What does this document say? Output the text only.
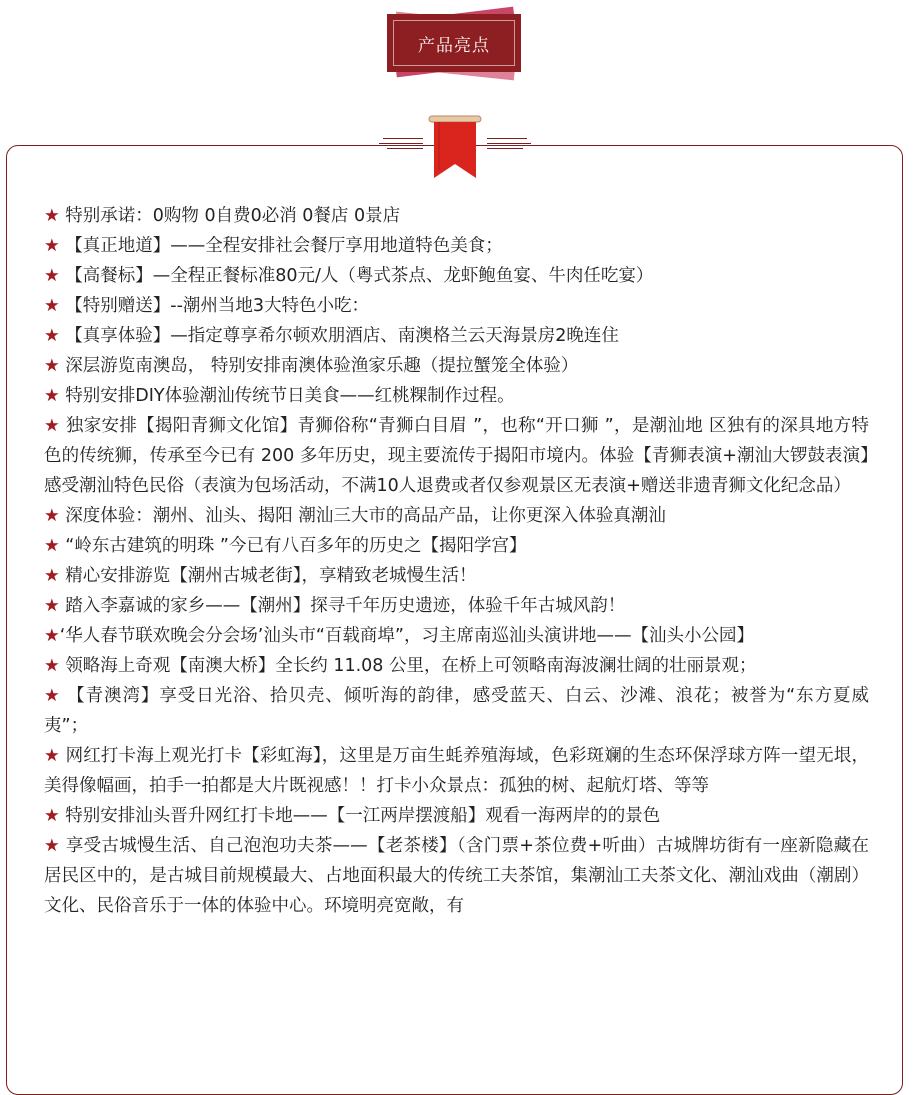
产品亮点
★ 特别承诺：0购物 0自费0必消 0餐店 0景店
★ 【真正地道】——全程安排社会餐厅享用地道特色美食；
★ 【高餐标】—全程正餐标准80元/人（粤式茶点、龙虾鲍鱼宴、牛肉任吃宴）
★ 【特别赠送】--潮州当地3大特色小吃：
★ 【真享体验】—指定尊享希尔顿欢朋酒店、南澳格兰云天海景房2晚连住
★ 深层游览南澳岛， 特别安排南澳体验渔家乐趣（提拉蟹笼全体验）
★ 特别安排DIY体验潮汕传统节日美食——红桃粿制作过程。
★ 独家安排【揭阳青狮文化馆】青狮俗称“青狮白目眉 ”，也称“开口狮 ”，是潮汕地 区独有的深具地方特色的传统狮，传承至今已有 200 多年历史，现主要流传于揭阳市境内。体验【青狮表演+潮汕大锣鼓表演】感受潮汕特色民俗（表演为包场活动，不满10人退费或者仅参观景区无表演+赠送非遗青狮文化纪念品）
★ 深度体验：潮州、汕头、揭阳 潮汕三大市的高品产品，让你更深入体验真潮汕
★ “岭东古建筑的明珠 ”今已有八百多年的历史之【揭阳学宫】
★ 精心安排游览【潮州古城老街】，享精致老城慢生活！
★ 踏入李嘉诚的家乡——【潮州】探寻千年历史遗迹，体验千年古城风韵！
★‘华人春节联欢晚会分会场’汕头市“百载商埠”，习主席南巡汕头演讲地——【汕头小公园】
★ 领略海上奇观【南澳大桥】全长约 11.08 公里，在桥上可领略南海波澜壮阔的壮丽景观；
★ 【青澳湾】享受日光浴、拾贝壳、倾听海的韵律，感受蓝天、白云、沙滩、浪花；被誉为“东方夏威夷”；
★ 网红打卡海上观光打卡【彩虹海】，这里是万亩生蚝养殖海域，色彩斑斓的生态环保浮球方阵一望无垠，美得像幅画，拍手一拍都是大片既视感！！打卡小众景点：孤独的树、起航灯塔、等等
★ 特别安排汕头晋升网红打卡地——【一江两岸摆渡船】观看一海两岸的的景色
★ 享受古城慢生活、自己泡泡功夫茶——【老茶楼】（含门票+茶位费+听曲）古城牌坊街有一座新隐藏在居民区中的，是古城目前规模最大、占地面积最大的传统工夫茶馆，集潮汕工夫茶文化、潮汕戏曲（潮剧）文化、民俗音乐于一体的体验中心。环境明亮宽敞，有
